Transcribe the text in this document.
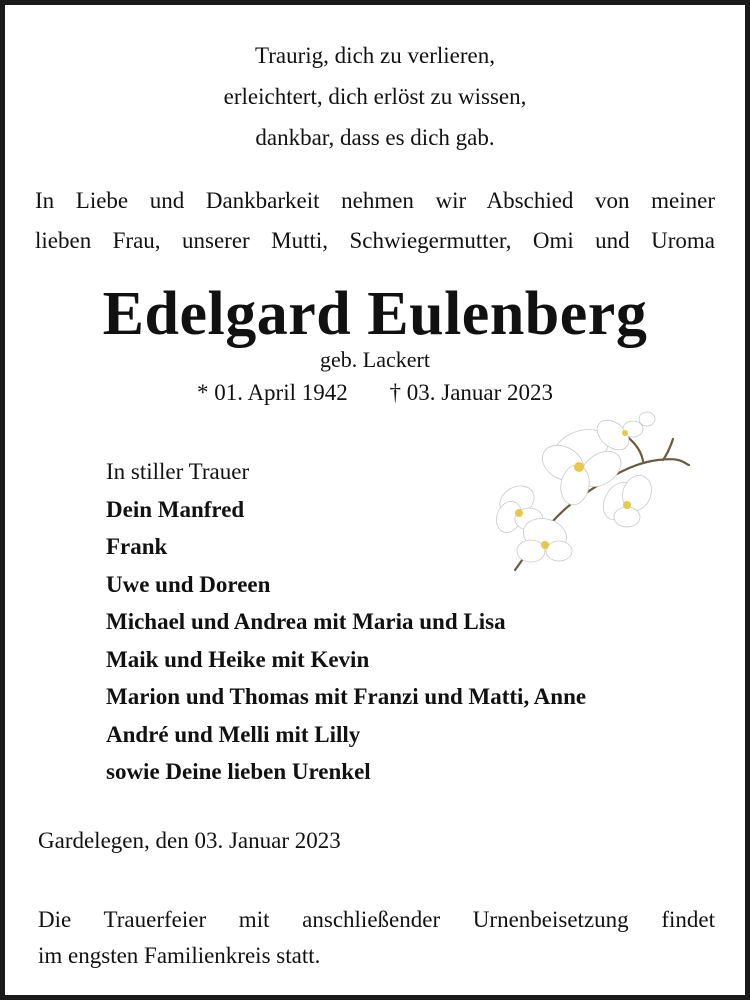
Traurig, dich zu verlieren,
erleichtert, dich erlöst zu wissen,
dankbar, dass es dich gab.
In Liebe und Dankbarkeit nehmen wir Abschied von meiner
lieben Frau, unserer Mutti, Schwiegermutter, Omi und Uroma
Edelgard Eulenberg
geb. Lackert
* 01. April 1942 † 03. Januar 2023
In stiller Trauer
Dein Manfred
Frank
Uwe und Doreen
Michael und Andrea mit Maria und Lisa
Maik und Heike mit Kevin
Marion und Thomas mit Franzi und Matti, Anne
André und Melli mit Lilly
sowie Deine lieben Urenkel
Gardelegen, den 03. Januar 2023
Die Trauerfeier mit anschließender Urnenbeisetzung findet
im engsten Familienkreis statt.
